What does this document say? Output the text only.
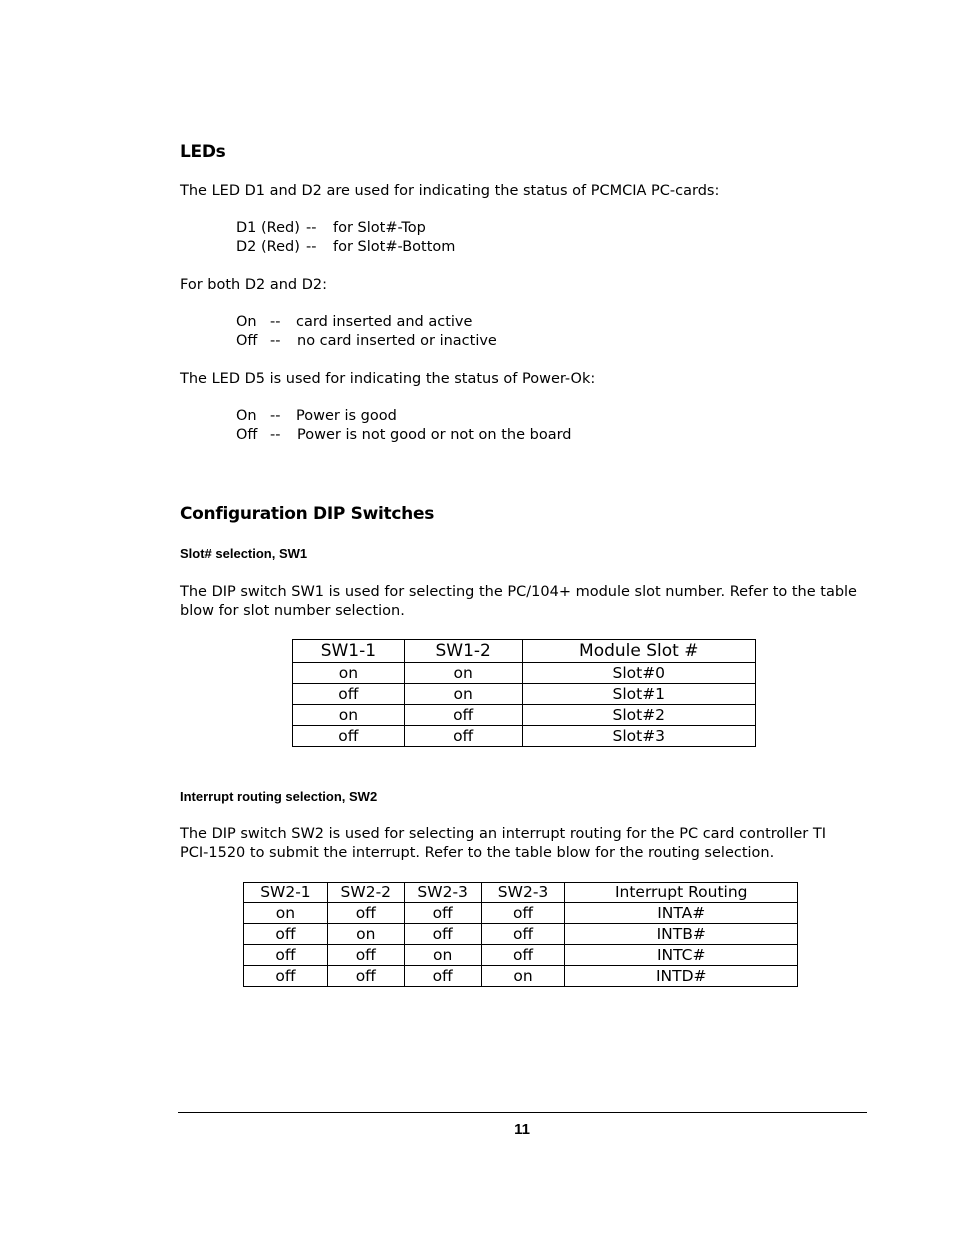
LEDs
The LED D1 and D2 are used for indicating the status of PCMCIA PC-cards:

D1 (Red)

--

for Slot#-Top

D2 (Red)

--

for Slot#-Bottom

For both D2 and D2:

On

--

card inserted and active

Off

--

no card inserted or inactive

The LED D5 is used for indicating the status of Power-Ok:

On

--

Power is good

Off

--

Power is not good or not on the board

Configuration DIP Switches
Slot# selection, SW1
The DIP switch SW1 is used for selecting the PC/104+ module slot number. Refer to the table blow for slot number selection.
SW1-1	SW1-2	Module Slot #
on	on	Slot#0
off	on	Slot#1
on	off	Slot#2
off	off	Slot#3
Interrupt routing selection, SW2
The DIP switch SW2 is used for selecting an interrupt routing for the PC card controller TI PCI-1520 to submit the interrupt. Refer to the table blow for the routing selection.
SW2-1	SW2-2	SW2-3	SW2-3	Interrupt Routing
on	off	off	off	INTA#
off	on	off	off	INTB#
off	off	on	off	INTC#
off	off	off	on	INTD#
11
